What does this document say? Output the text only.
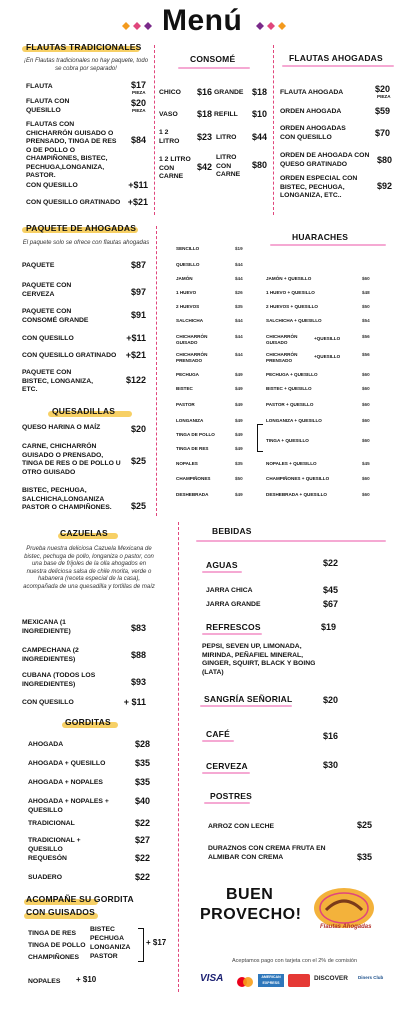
Menú
FLAUTAS TRADICIONALES
¡En Flautas tradicionales no hay paquete, todo se cobra por separado!
FLAUTA	$17
PIEZA
FLAUTA CON QUESILLO
$20
PIEZA
FLAUTAS CON CHICHARRÓN GUISADO O PRENSADO, TINGA DE RES O DE POLLO O CHAMPIÑONES, BISTEC, PECHUGA,LONGANIZA, PASTOR.
$84
CON QUESILLO	+$11
CON QUESILLO GRATINADO +$21
CONSOMÉ
CHICO	$16 GRANDE $18
VASO	$18 REFILL	$10
1 2 LITRO	$23 LITRO	$44
1 2 LITRO CON CARNE
$42
LITRO CON CARNE
$80
FLAUTAS AHOGADAS
FLAUTA AHOGADA	$20
PIEZA
ORDEN AHOGADA	$59
ORDEN AHOGADAS CON QUESILLO	$70
ORDEN DE AHOGADA CON QUESO GRATINADO	$80
ORDEN ESPECIAL CON BISTEC, PECHUGA, LONGANIZA, ETC..
$92
PAQUETE DE AHOGADAS
El paquete solo se ofrece con flautas ahogadas
PAQUETE	$87
PAQUETE CON CERVEZA	$97
PAQUETE CON CONSOMÉ GRANDE	$91
CON QUESILLO	+$11
CON QUESILLO GRATINADO	+$21
PAQUETE CON BISTEC, LONGANIZA, ETC.
$122
QUESADILLAS
QUESO HARINA O MAÍZ	$20
CARNE, CHICHARRÓN GUISADO O PRENSADO, TINGA DE RES O DE POLLO U OTRO GUISADO
$25
BISTEC, PECHUGA, SALCHICHA,LONGANIZA PASTOR O CHAMPIÑONES.	$25
HUARACHES
SENCILLO	$19
QUESILLO	$44
JAMÓN	$44
1 HUEVO	$26
2 HUEVOS	$35
SALCHICHA	$44
CHICHARRÓN GUISADO
$44
CHICHARRÓN PRENSADO
$44
PECHUGA	$49
BISTEC	$49
PASTOR	$49
LONGANIZA	$49
TINGA DE POLLO	$49
TINGA DE RES	$49
NOPALES	$35
CHAMPIÑONES	$50
DESHEBRADA	$49
JAMÓN + QUESILLO	$60
1 HUEVO + QUESILLO	$48
2 HUEVOS + QUESILLO	$50
SALCHICHA + QUESILLO	$54
CHICHARRÓN GUISADO
+QUESILLO	$56
CHICHARRÓN PRENSADO
+QUESILLO	$56
PECHUGA + QUESILLO	$60
BISTEC + QUESILLO	$60
PASTOR + QUESILLO	$60
LONGANIZA + QUESILLO	$60
TINGA + QUESILLO	$60
NOPALES + QUESILLO	$45
CHAMPIÑONES + QUESILLO	$60
DESHEBRADA + QUESILLO	$60
CAZUELAS
Prueba nuestra deliciosa Cazuela Mexicana de bistec, pechuga de pollo, longaniza o pastor, con una base de frijoles de la olla ahogados en nuestra deliciosa salsa de chile morita, verde o habanera (receta especial de la casa), acompañada de una quesadilla y tortillas de maíz
MEXICANA (1 INGREDIENTE)	$83
CAMPECHANA (2 INGREDIENTES)	$88
CUBANA (TODOS LOS INGREDIENTES)	$93
CON QUESILLO	+ $11
GORDITAS
AHOGADA	$28
AHOGADA + QUESILLO	$35
AHOGADA + NOPALES	$35
AHOGADA + NOPALES + QUESILLO
$40
TRADICIONAL	$22
TRADICIONAL + QUESILLO
$27
REQUESÓN	$22
SUADERO	$22
ACOMPAÑE SU GORDITA CON GUISADOS
TINGA DE RES
TINGA DE POLLO
CHAMPIÑONES
BISTEC
PECHUGA
LONGANIZA
PASTOR
+ $17
NOPALES + $10
BEBIDAS
AGUAS	$22
JARRA CHICA	$45
JARRA GRANDE	$67
REFRESCOS	$19
PEPSI, SEVEN UP, LIMONADA, MIRINDA, PEÑAFIEL MINERAL, GINGER, SQUIRT, BLACK Y BOING (LATA)
SANGRÍA SEÑORIAL	$20
CAFÉ	$16
CERVEZA	$30
POSTRES
ARROZ CON LECHE	$25
DURAZNOS CON CREMA FRUTA EN ALMIBAR CON CREMA	$35
BUEN
PROVECHO!
Flautas Ahogadas
Aceptamos pago con tarjeta con el 2% de comisión
VISA	AMERICAN EXPRESS
DISCOVER Diners Club
